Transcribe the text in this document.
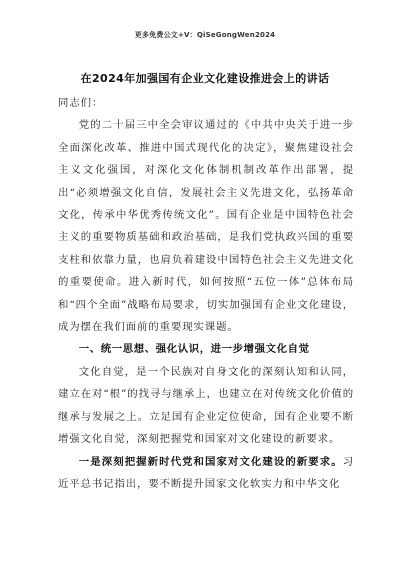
更多免费公文+V：QiSeGongWen2024
在2024年加强国有企业文化建设推进会上的讲话

同志们：

党的二十届三中全会审议通过的《中共中央关于进一步全面深化改革、推进中国式现代化的决定》，聚焦建设社会主义文化强国，对深化文化体制机制改革作出部署，提出“必须增强文化自信，发展社会主义先进文化，弘扬革命文化，传承中华优秀传统文化”。国有企业是中国特色社会主义的重要物质基础和政治基础，是我们党执政兴国的重要支柱和依靠力量，也肩负着建设中国特色社会主义先进文化的重要使命。进入新时代，如何按照“五位一体”总体布局和“四个全面”战略布局要求，切实加强国有企业文化建设，成为摆在我们面前的重要现实课题。

一、统一思想、强化认识，进一步增强文化自觉

文化自觉，是一个民族对自身文化的深刻认知和认同，建立在对“根”的找寻与继承上，也建立在对传统文化价值的继承与发展之上。立足国有企业定位使命，国有企业要不断增强文化自觉，深刻把握党和国家对文化建设的新要求。

一是深刻把握新时代党和国家对文化建设的新要求。习近平总书记指出，要不断提升国家文化软实力和中华文化
